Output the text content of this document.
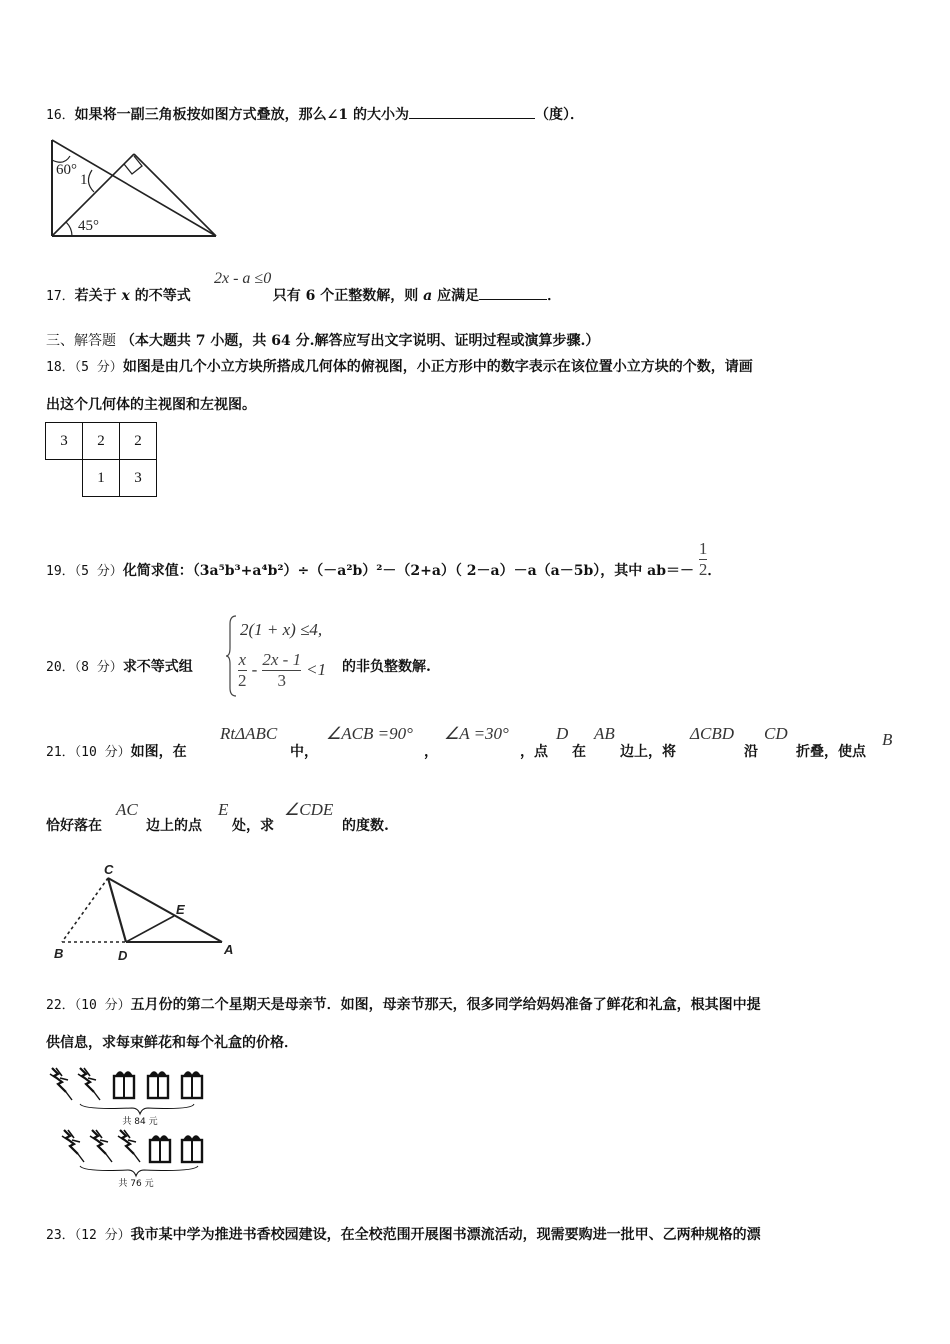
16．如果将一副三角板按如图方式叠放，那么∠1 的大小为	（度）．
60°
1
45°
2x - a ≤0
17．若关于 x 的不等式	只有 6 个正整数解，则 a 应满足	．
三、解答题 （本大题共 7 小题，共 64 分.解答应写出文字说明、证明过程或演算步骤.）
18．（5 分）如图是由几个小立方块所搭成几何体的俯视图，小正方形中的数字表示在该位置小立方块的个数，请画
出这个几何体的主视图和左视图。
3	2	2
	1	3
19．（5 分）化简求值：（3a⁵b³+a⁴b²）÷（－a²b）²－（2+a）（ 2－a）－a（a－5b），其中 $ab=- \frac{1}{2}$ ．
20．（8 分）求不等式组
2(1 + x) ≤4,
$\frac{x}{2} - \frac{2x - 1}{3} <1$ 的非负整数解.
21．（10 分）如图，在
RtΔABC
中，
∠ACB =90°
，
∠A =30°
，点
D
在
AB
边上，将
ΔCBD
沿
CD
折叠，使点
B
恰好落在
AC
边上的点
E
处，求
∠CDE
的度数.
C
E
B	D	A
22．（10 分）五月份的第二个星期天是母亲节．如图，母亲节那天，很多同学给妈妈准备了鲜花和礼盒，根其图中提
供信息，求每束鲜花和每个礼盒的价格．
共 84 元
共 76 元
23．（12 分）我市某中学为推进书香校园建设，在全校范围开展图书漂流活动，现需要购进一批甲、乙两种规格的漂
